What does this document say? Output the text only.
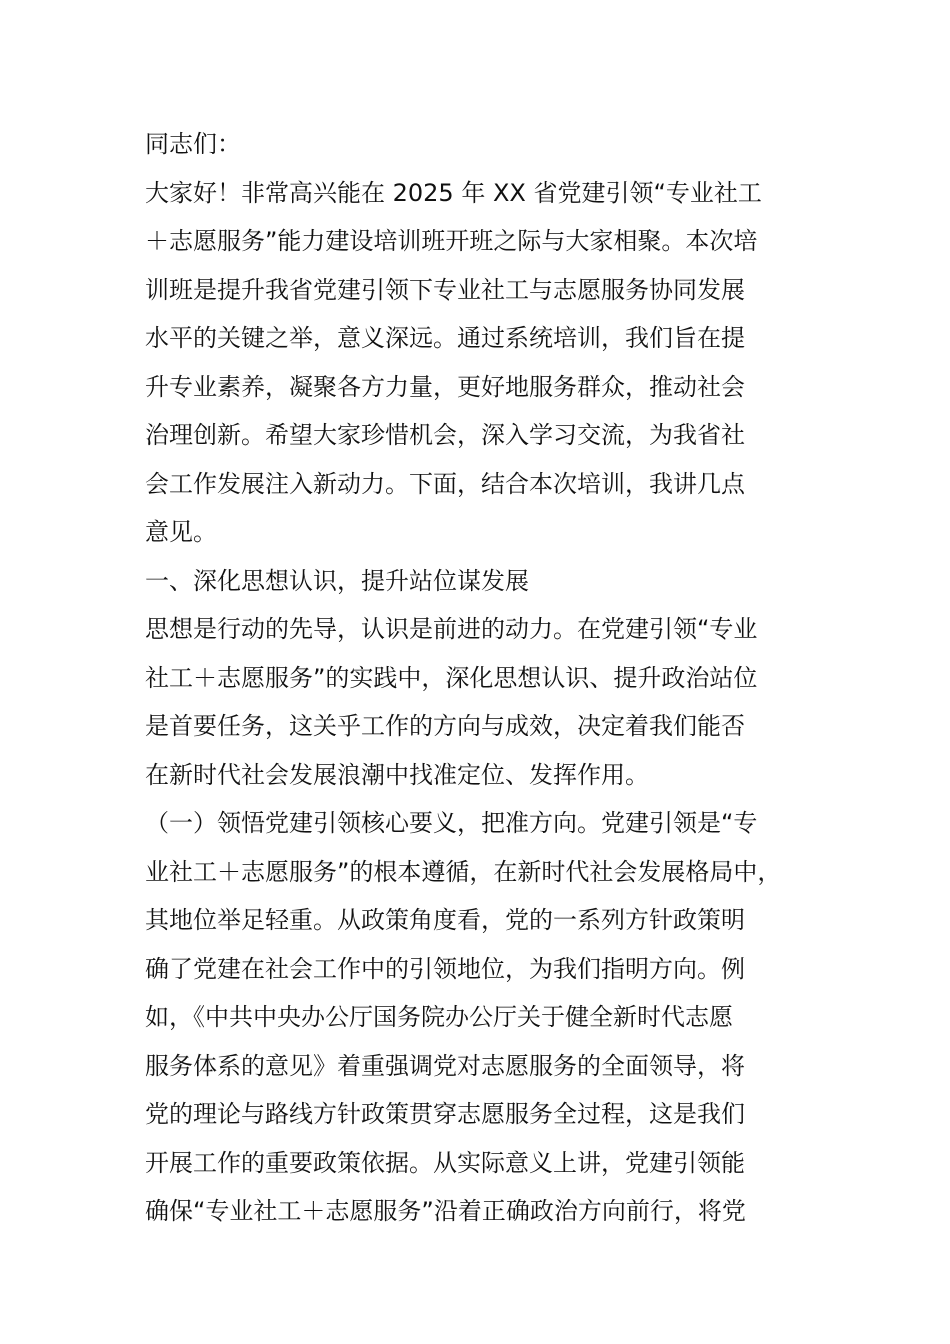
同志们：
大家好！非常高兴能在 2025 年 XX 省党建引领“专业社工
＋志愿服务”能力建设培训班开班之际与大家相聚。本次培
训班是提升我省党建引领下专业社工与志愿服务协同发展
水平的关键之举，意义深远。通过系统培训，我们旨在提
升专业素养，凝聚各方力量，更好地服务群众，推动社会
治理创新。希望大家珍惜机会，深入学习交流，为我省社
会工作发展注入新动力。下面，结合本次培训，我讲几点
意见。
一、深化思想认识，提升站位谋发展
思想是行动的先导，认识是前进的动力。在党建引领“专业
社工＋志愿服务”的实践中，深化思想认识、提升政治站位
是首要任务，这关乎工作的方向与成效，决定着我们能否
在新时代社会发展浪潮中找准定位、发挥作用。
（一）领悟党建引领核心要义，把准方向。党建引领是“专
业社工＋志愿服务”的根本遵循，在新时代社会发展格局中，
其地位举足轻重。从政策角度看，党的一系列方针政策明
确了党建在社会工作中的引领地位，为我们指明方向。例
如，《中共中央办公厅国务院办公厅关于健全新时代志愿
服务体系的意见》着重强调党对志愿服务的全面领导，将
党的理论与路线方针政策贯穿志愿服务全过程，这是我们
开展工作的重要政策依据。从实际意义上讲，党建引领能
确保“专业社工＋志愿服务”沿着正确政治方向前行，将党
